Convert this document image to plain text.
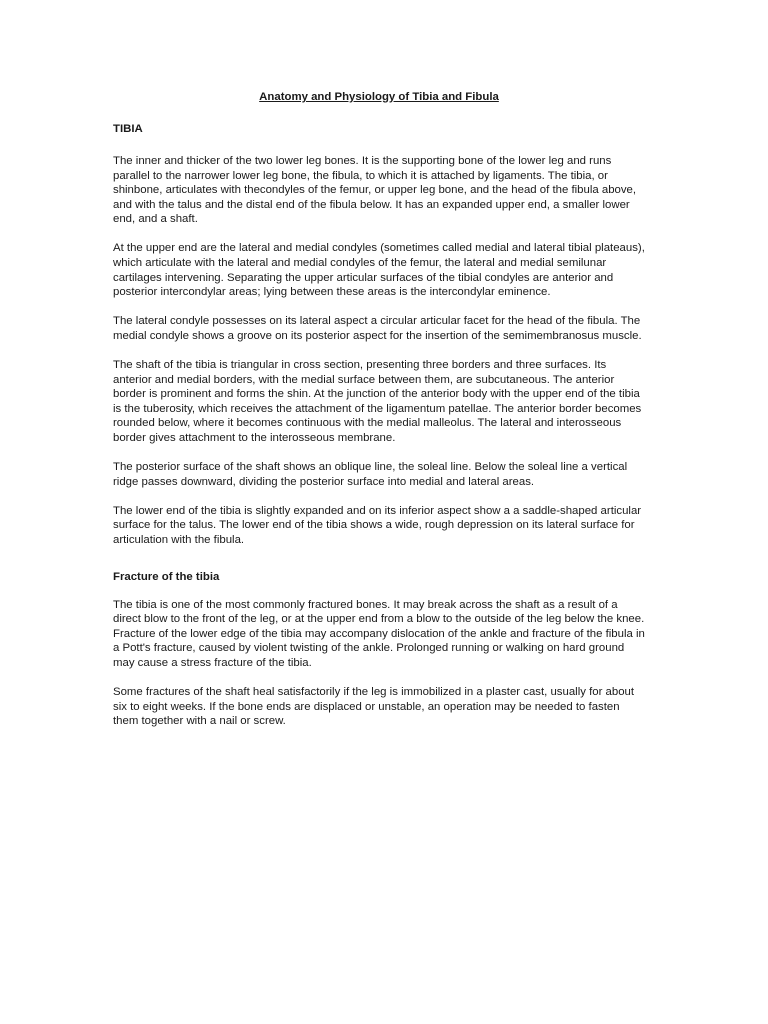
Anatomy and Physiology of Tibia and Fibula
TIBIA

The inner and thicker of the two lower leg bones. It is the supporting bone of the lower leg and runs parallel to the narrower lower leg bone, the fibula, to which it is attached by ligaments. The tibia, or shinbone, articulates with thecondyles of the femur, or upper leg bone, and the head of the fibula above, and with the talus and the distal end of the fibula below. It has an expanded upper end, a smaller lower end, and a shaft.

At the upper end are the lateral and medial condyles (sometimes called medial and lateral tibial plateaus), which articulate with the lateral and medial condyles of the femur, the lateral and medial semilunar cartilages intervening. Separating the upper articular surfaces of the tibial condyles are anterior and posterior intercondylar areas; lying between these areas is the intercondylar eminence.

The lateral condyle possesses on its lateral aspect a circular articular facet for the head of the fibula. The medial condyle shows a groove on its posterior aspect for the insertion of the semimembranosus muscle.

The shaft of the tibia is triangular in cross section, presenting three borders and three surfaces. Its anterior and medial borders, with the medial surface between them, are subcutaneous. The anterior border is prominent and forms the shin. At the junction of the anterior body with the upper end of the tibia is the tuberosity, which receives the attachment of the ligamentum patellae. The anterior border becomes rounded below, where it becomes continuous with the medial malleolus. The lateral and interosseous border gives attachment to the interosseous membrane.

The posterior surface of the shaft shows an oblique line, the soleal line. Below the soleal line a vertical ridge passes downward, dividing the posterior surface into medial and lateral areas.

The lower end of the tibia is slightly expanded and on its inferior aspect show a a saddle-shaped articular surface for the talus. The lower end of the tibia shows a wide, rough depression on its lateral surface for articulation with the fibula.

Fracture of the tibia

The tibia is one of the most commonly fractured bones. It may break across the shaft as a result of a direct blow to the front of the leg, or at the upper end from a blow to the outside of the leg below the knee. Fracture of the lower edge of the tibia may accompany dislocation of the ankle and fracture of the fibula in a Pott's fracture, caused by violent twisting of the ankle. Prolonged running or walking on hard ground may cause a stress fracture of the tibia.

Some fractures of the shaft heal satisfactorily if the leg is immobilized in a plaster cast, usually for about six to eight weeks. If the bone ends are displaced or unstable, an operation may be needed to fasten them together with a nail or screw.
